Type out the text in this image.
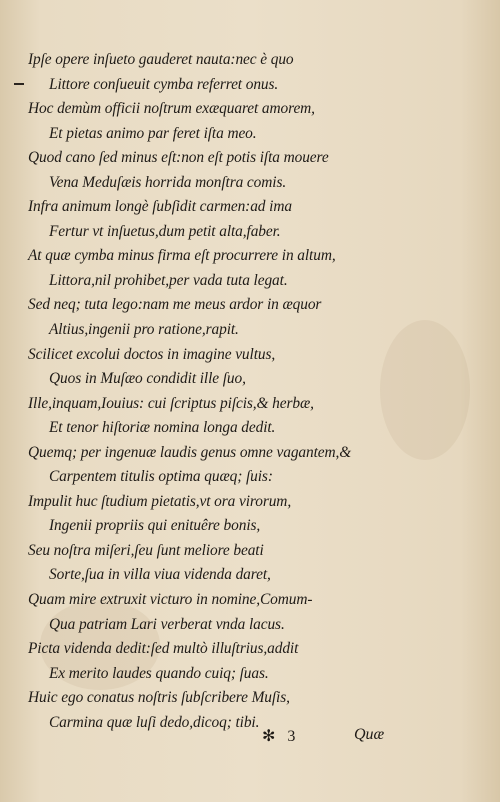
Ipſe opere inſueto gauderet nauta:nec è quo
Littore conſueuit cymba referret onus.
Hoc demùm officii noſtrum exæquaret amorem,
Et pietas animo par feret iſta meo.
Quod cano ſed minus eſt:non eſt potis iſta mouere
Vena Meduſæis horrida monſtra comis.
Infra animum longè ſubſidit carmen:ad ima
Fertur vt inſuetus,dum petit alta,faber.
At quæ cymba minus firma eſt procurrere in altum,
Littora,nil prohibet,per vada tuta legat.
Sed neq; tuta lego:nam me meus ardor in æquor
Altius,ingenii pro ratione,rapit.
Scilicet excolui doctos in imagine vultus,
Quos in Muſæo condidit ille ſuo,
Ille,inquam,Iouius: cui ſcriptus piſcis,& herbæ,
Et tenor hiſtoriæ nomina longa dedit.
Quemq; per ingenuæ laudis genus omne vagantem,&
Carpentem titulis optima quæq; ſuis:
Impulit huc ſtudium pietatis,vt ora virorum,
Ingenii propriis qui enituêre bonis,
Seu noſtra miſeri,ſeu ſunt meliore beati
Sorte,ſua in villa viua videnda daret,
Quam mire extruxit victuro in nomine,Comum-
Qua patriam Lari verberat vnda lacus.
Picta videnda dedit:ſed multò illuſtrius,addit
Ex merito laudes quando cuiq; ſuas.
Huic ego conatus noſtris ſubſcribere Muſis,
Carmina quæ luſi dedo,dicoq; tibi.
✻ 3	Quæ
